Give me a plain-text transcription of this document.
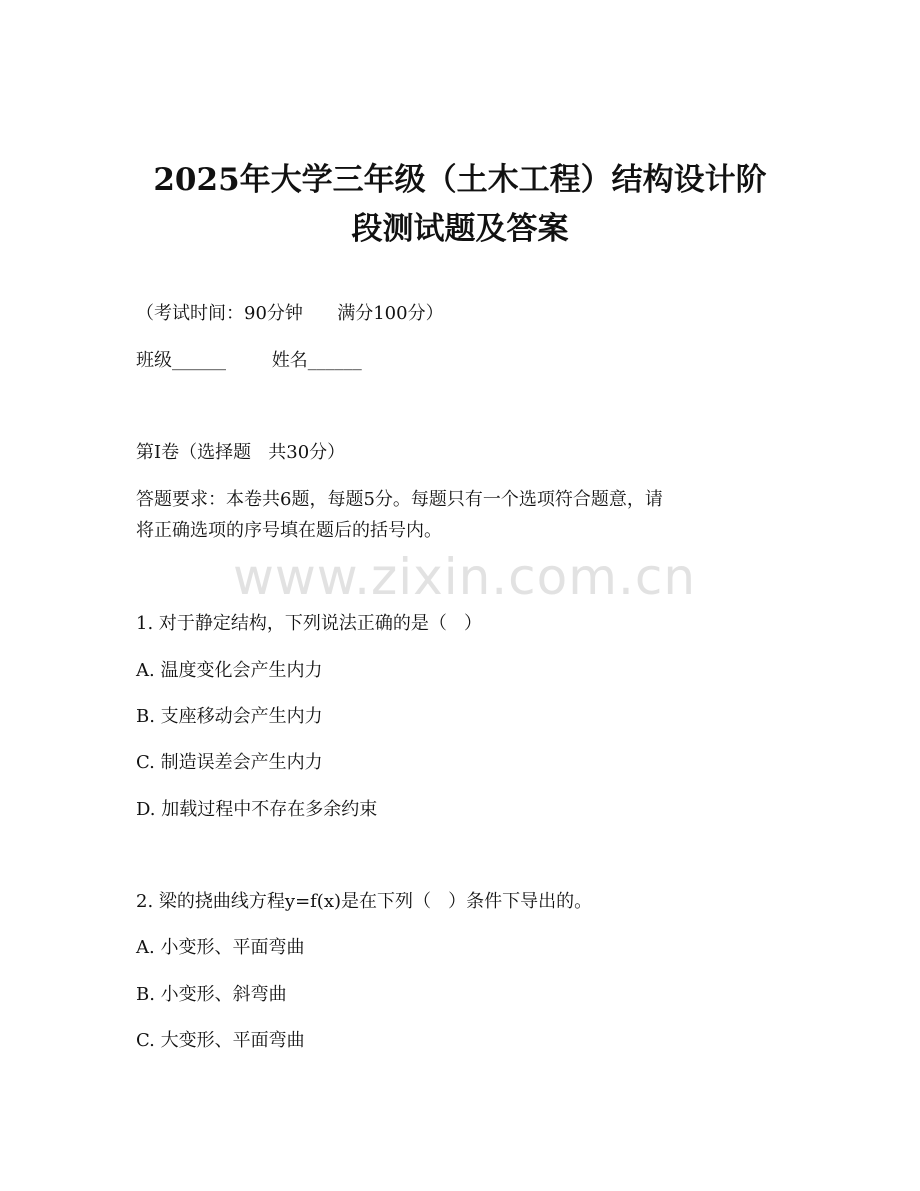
2025年大学三年级（土木工程）结构设计阶
段测试题及答案

（考试时间：90分钟      满分100分）

班级______        姓名______

第I卷（选择题   共30分）

答题要求：本卷共6题，每题5分。每题只有一个选项符合题意，请

将正确选项的序号填在题后的括号内。

www.zixin.com.cn

1. 对于静定结构，下列说法正确的是（   ）

A. 温度变化会产生内力

B. 支座移动会产生内力

C. 制造误差会产生内力

D. 加载过程中不存在多余约束

2. 梁的挠曲线方程y=f(x)是在下列（   ）条件下导出的。

A. 小变形、平面弯曲

B. 小变形、斜弯曲

C. 大变形、平面弯曲
